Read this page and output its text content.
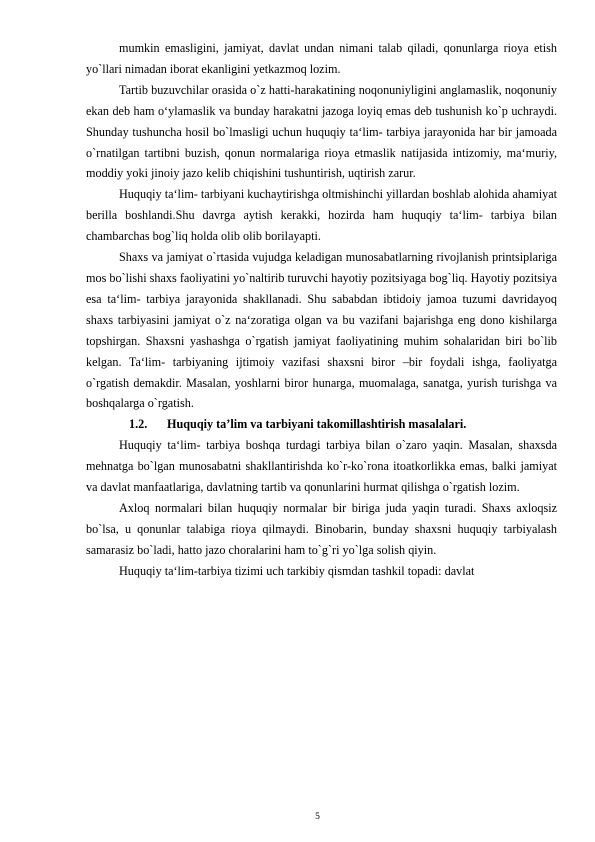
mumkin emasligini, jamiyat, davlat undan nimani talab qiladi, qonunlarga rioya etish yo`llari nimadan iborat ekanligini yetkazmoq lozim.

Tartib buzuvchilar orasida o`z hatti-harakatining noqonuniyligini anglamaslik, noqonuniy ekan deb ham o‘ylamaslik va bunday harakatni jazoga loyiq emas deb tushunish ko`p uchraydi. Shunday tushuncha hosil bo`lmasligi uchun huquqiy ta‘lim- tarbiya jarayonida har bir jamoada o`rnatilgan tartibni buzish, qonun normalariga rioya etmaslik natijasida intizomiy, ma‘muriy, moddiy yoki jinoiy jazo kelib chiqishini tushuntirish, uqtirish zarur.

Huquqiy ta‘lim- tarbiyani kuchaytirishga oltmishinchi yillardan boshlab alohida ahamiyat berilla boshlandi.Shu davrga aytish kerakki, hozirda ham huquqiy ta‘lim- tarbiya bilan chambarchas bog`liq holda olib olib borilayapti.

Shaxs va jamiyat o`rtasida vujudga keladigan munosabatlarning rivojlanish printsiplariga mos bo`lishi shaxs faoliyatini yo`naltirib turuvchi hayotiy pozitsiyaga bog`liq. Hayotiy pozitsiya esa ta‘lim- tarbiya jarayonida shakllanadi. Shu sababdan ibtidoiy jamoa tuzumi davridayoq shaxs tarbiyasini jamiyat o`z na‘zoratiga olgan va bu vazifani bajarishga eng dono kishilarga topshirgan. Shaxsni yashashga o`rgatish jamiyat faoliyatining muhim sohalaridan biri bo`lib kelgan. Ta‘lim- tarbiyaning ijtimoiy vazifasi shaxsni biror –bir foydali ishga, faoliyatga o`rgatish demakdir. Masalan, yoshlarni biror hunarga, muomalaga, sanatga, yurish turishga va boshqalarga o`rgatish.

1.2. Huquqiy ta’lim va tarbiyani takomillashtirish masalalari.

Huquqiy ta‘lim- tarbiya boshqa turdagi tarbiya bilan o`zaro yaqin. Masalan, shaxsda mehnatga bo`lgan munosabatni shakllantirishda ko`r-ko`rona itoatkorlikka emas, balki jamiyat va davlat manfaatlariga, davlatning tartib va qonunlarini hurmat qilishga o`rgatish lozim.

Axloq normalari bilan huquqiy normalar bir biriga juda yaqin turadi. Shaxs axloqsiz bo`lsa, u qonunlar talabiga rioya qilmaydi. Binobarin, bunday shaxsni huquqiy tarbiyalash samarasiz bo`ladi, hatto jazo choralarini ham to`g`ri yo`lga solish qiyin.

Huquqiy ta‘lim-tarbiya tizimi uch tarkibiy qismdan tashkil topadi: davlat

5
